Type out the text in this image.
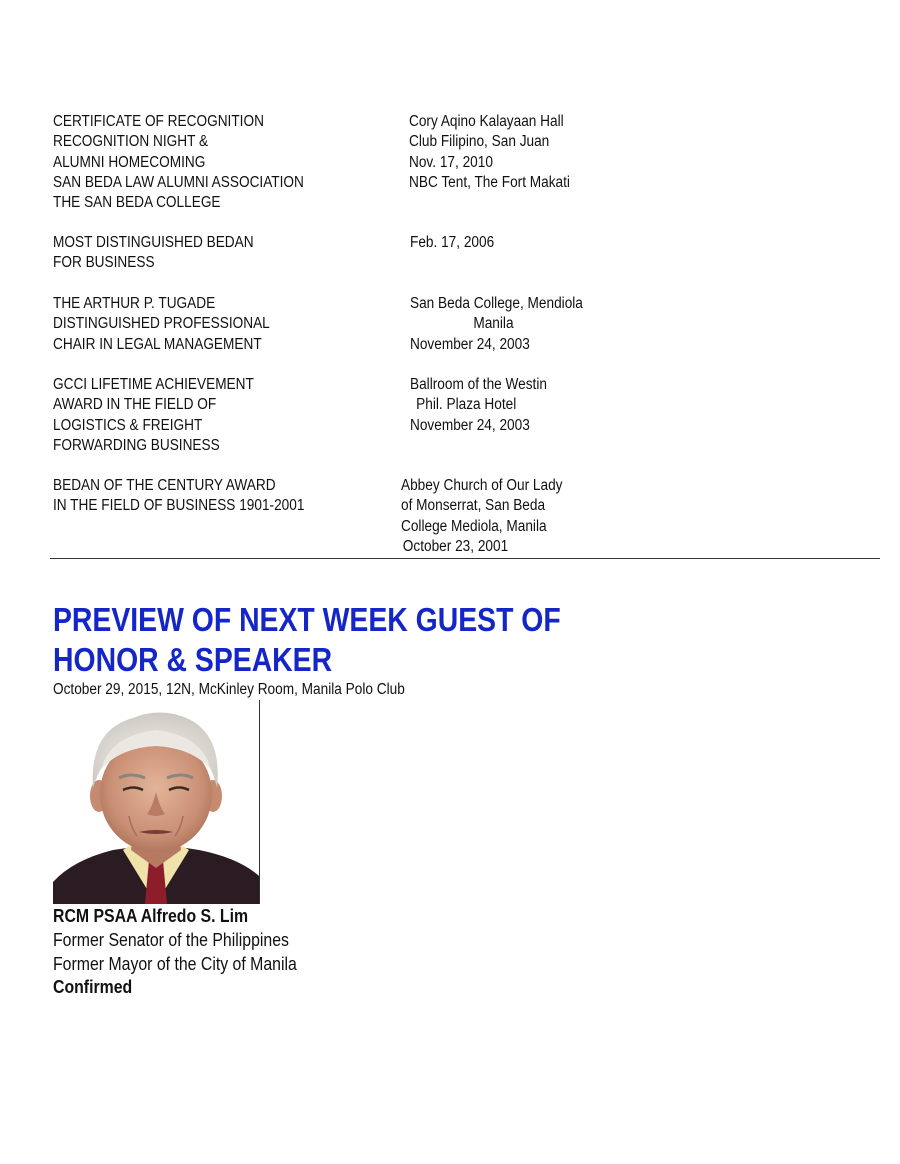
CERTIFICATE OF RECOGNITION
RECOGNITION NIGHT &
ALUMNI HOMECOMING
SAN BEDA LAW ALUMNI ASSOCIATION
THE SAN BEDA COLLEGE
Cory Aqino Kalayaan Hall
Club Filipino, San Juan
Nov. 17, 2010
NBC Tent, The Fort Makati
MOST DISTINGUISHED BEDAN
FOR BUSINESS
Feb. 17, 2006
THE ARTHUR P. TUGADE
DISTINGUISHED PROFESSIONAL
CHAIR IN LEGAL MANAGEMENT
San Beda College, Mendiola
Manila
November 24, 2003
GCCI LIFETIME ACHIEVEMENT
AWARD IN THE FIELD OF
LOGISTICS & FREIGHT
FORWARDING BUSINESS
Ballroom of the Westin
Phil. Plaza Hotel
November 24, 2003
BEDAN OF THE CENTURY AWARD
IN THE FIELD OF BUSINESS 1901-2001
Abbey Church of Our Lady
of Monserrat, San Beda
College Mediola, Manila
October 23, 2001
PREVIEW OF NEXT WEEK GUEST OF
HONOR & SPEAKER
October 29, 2015, 12N, McKinley Room, Manila Polo Club
RCM PSAA Alfredo S. Lim
Former Senator of the Philippines
Former Mayor of the City of Manila
Confirmed
